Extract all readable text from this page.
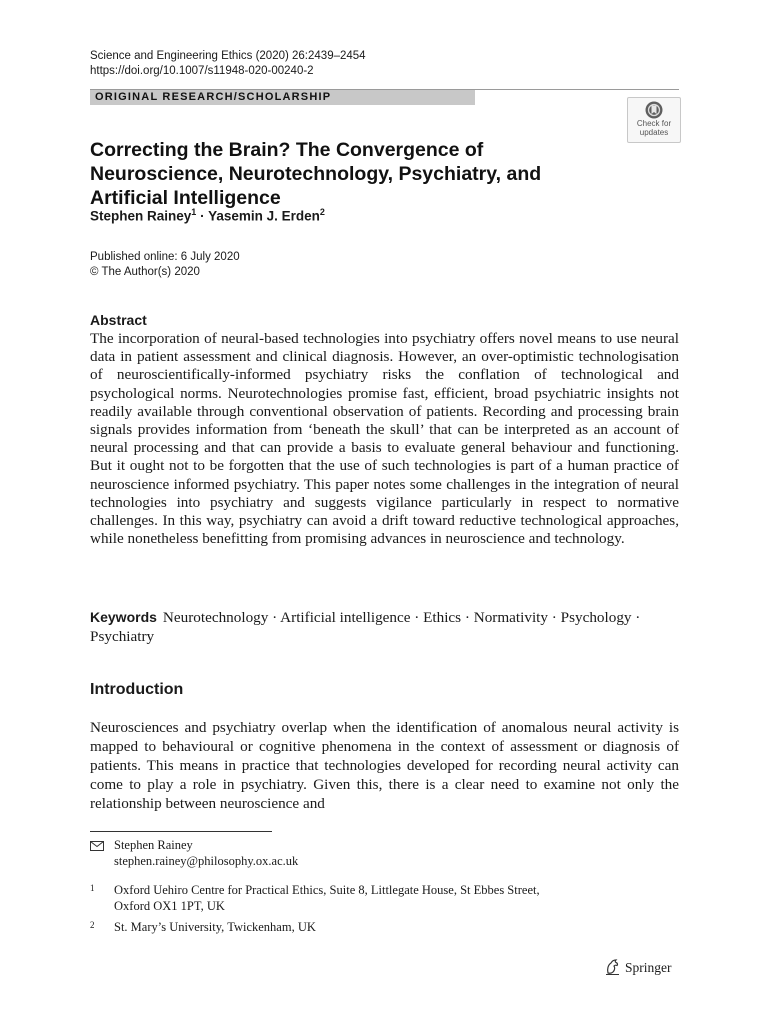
Science and Engineering Ethics (2020) 26:2439–2454
https://doi.org/10.1007/s11948-020-00240-2
ORIGINAL RESEARCH/SCHOLARSHIP
Check for
updates
Correcting the Brain? The Convergence of Neuroscience, Neurotechnology, Psychiatry, and Artificial Intelligence
Stephen Rainey$^1$ · Yasemin J. Erden$^2$
Published online: 6 July 2020
© The Author(s) 2020
Abstract

The incorporation of neural-based technologies into psychiatry offers novel means to use neural data in patient assessment and clinical diagnosis. However, an over-optimistic technologisation of neuroscientifically-informed psychiatry risks the conflation of technological and psychological norms. Neurotechnologies promise fast, efficient, broad psychiatric insights not readily available through conventional observation of patients. Recording and processing brain signals provides information from ‘beneath the skull’ that can be interpreted as an account of neural processing and that can provide a basis to evaluate general behaviour and functioning. But it ought not to be forgotten that the use of such technologies is part of a human practice of neuroscience informed psychiatry. This paper notes some challenges in the integration of neural technologies into psychiatry and suggests vigilance particularly in respect to normative challenges. In this way, psychiatry can avoid a drift toward reductive technological approaches, while nonetheless benefitting from promising advances in neuroscience and technology.

Keywords Neurotechnology · Artificial intelligence · Ethics · Normativity · Psychology · Psychiatry
Introduction

Neurosciences and psychiatry overlap when the identification of anomalous neural activity is mapped to behavioural or cognitive phenomena in the context of assessment or diagnosis of patients. This means in practice that technologies developed for recording neural activity can come to play a role in psychiatry. Given this, there is a clear need to examine not only the relationship between neuroscience and

Stephen Rainey
stephen.rainey@philosophy.ox.ac.uk
1 Oxford Uehiro Centre for Practical Ethics, Suite 8, Littlegate House, St Ebbes Street,
Oxford OX1 1PT, UK
2 St. Mary’s University, Twickenham, UK
Springer
